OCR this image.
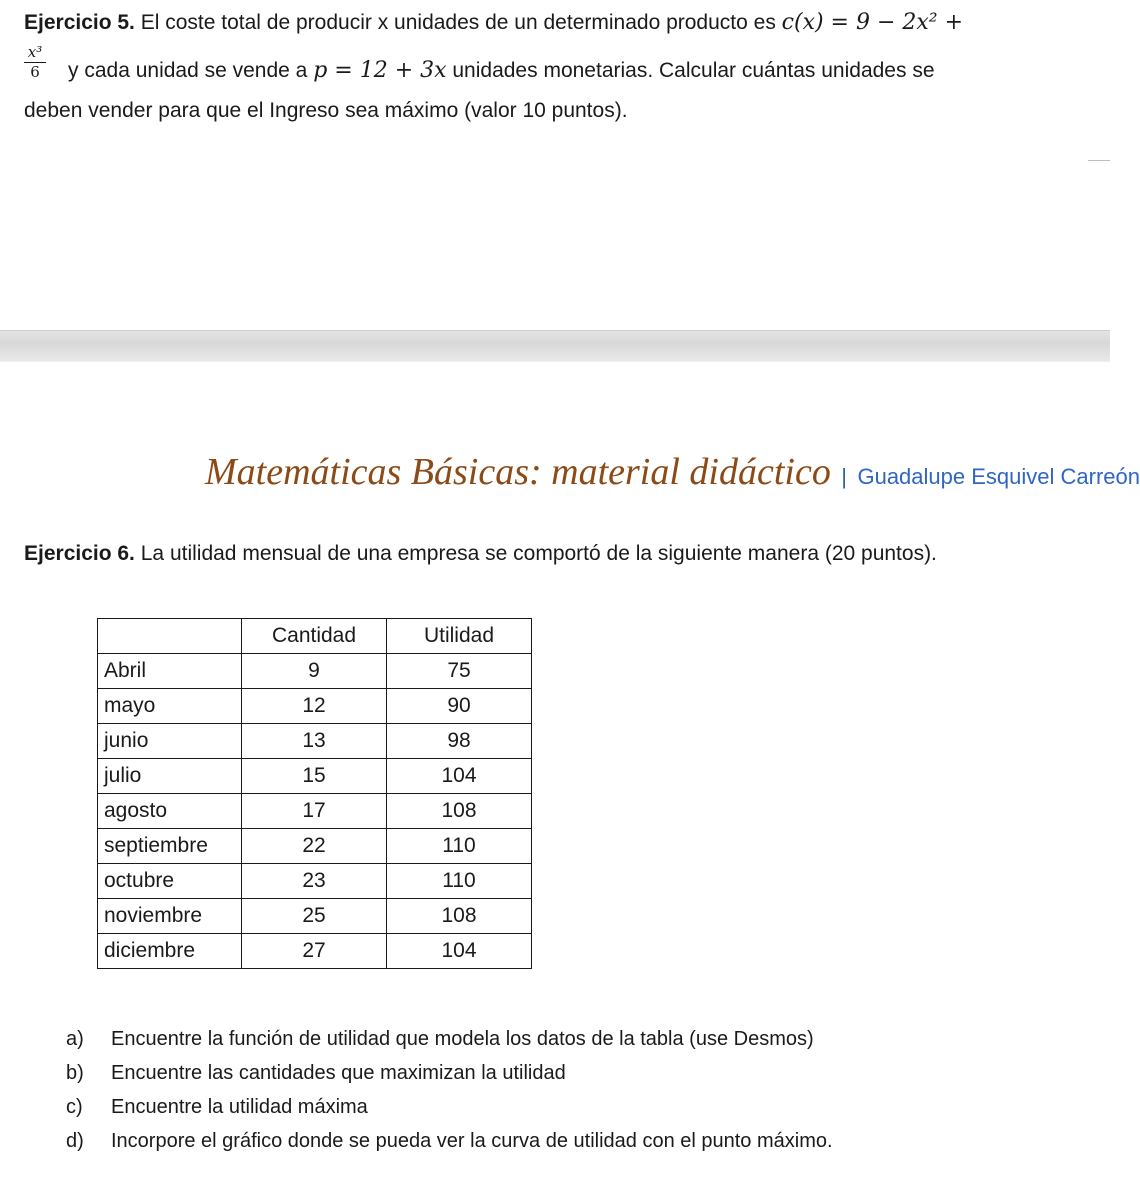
Ejercicio 5. El coste total de producir x unidades de un determinado producto es c(x) = 9 − 2x² +
x³
6 y cada unidad se vende a p = 12 + 3x unidades monetarias. Calcular cuántas unidades se
deben vender para que el Ingreso sea máximo (valor 10 puntos).
Matemáticas Básicas: material didáctico | Guadalupe Esquivel Carreón
Ejercicio 6. La utilidad mensual de una empresa se comportó de la siguiente manera (20 puntos).
	Cantidad	Utilidad
Abril	9	75
mayo	12	90
junio	13	98
julio	15	104
agosto	17	108
septiembre	22	110
octubre	23	110
noviembre	25	108
diciembre	27	104
a) Encuentre la función de utilidad que modela los datos de la tabla (use Desmos)
b) Encuentre las cantidades que maximizan la utilidad
c) Encuentre la utilidad máxima
d) Incorpore el gráfico donde se pueda ver la curva de utilidad con el punto máximo.
